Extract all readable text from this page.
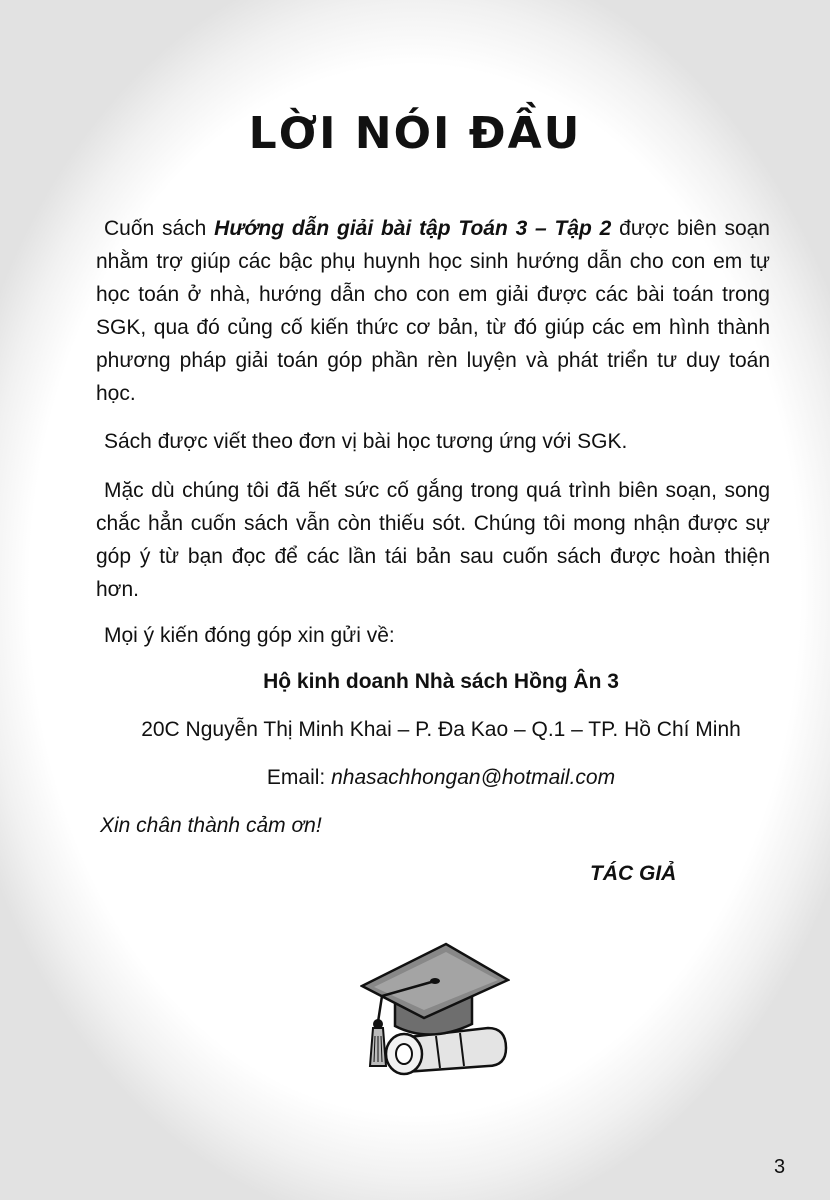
LỜI NÓI ĐẦU

Cuốn sách Hướng dẫn giải bài tập Toán 3 – Tập 2 được biên soạn nhằm trợ giúp các bậc phụ huynh học sinh hướng dẫn cho con em tự học toán ở nhà, hướng dẫn cho con em giải được các bài toán trong SGK, qua đó củng cố kiến thức cơ bản, từ đó giúp các em hình thành phương pháp giải toán góp phần rèn luyện và phát triển tư duy toán học.

Sách được viết theo đơn vị bài học tương ứng với SGK.

Mặc dù chúng tôi đã hết sức cố gắng trong quá trình biên soạn, song chắc hẳn cuốn sách vẫn còn thiếu sót. Chúng tôi mong nhận được sự góp ý từ bạn đọc để các lần tái bản sau cuốn sách được hoàn thiện hơn.

Mọi ý kiến đóng góp xin gửi về:

Hộ kinh doanh Nhà sách Hồng Ân 3

20C Nguyễn Thị Minh Khai – P. Đa Kao – Q.1 – TP. Hồ Chí Minh

Email: nhasachhongan@hotmail.com

Xin chân thành cảm ơn!

TÁC GIẢ

3
